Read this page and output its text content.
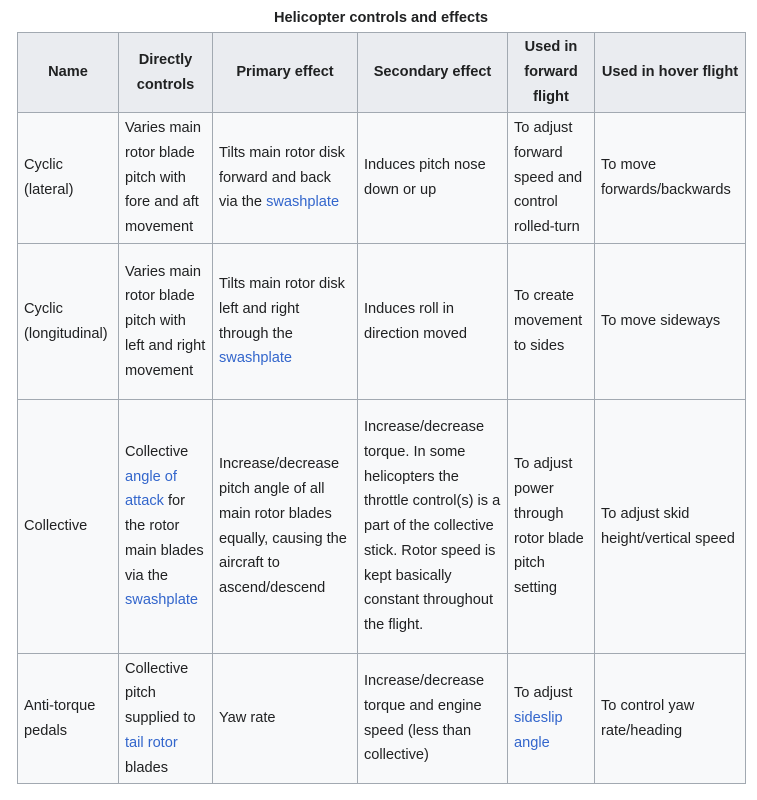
Helicopter controls and effects
Name	Directly controls	Primary effect	Secondary effect	Used in forward flight	Used in hover flight
Cyclic (lateral)	Varies main rotor blade pitch with fore and aft movement	Tilts main rotor disk forward and back via the swashplate	Induces pitch nose down or up	To adjust forward speed and control rolled-turn	To move forwards/backwards
Cyclic (longitudinal)	Varies main rotor blade pitch with left and right movement	Tilts main rotor disk left and right through the swashplate	Induces roll in direction moved	To create movement to sides	To move sideways
Collective	Collective angle of attack for the rotor main blades via the swashplate	Increase/decrease pitch angle of all main rotor blades equally, causing the aircraft to ascend/descend	Increase/decrease torque. In some helicopters the throttle control(s) is a part of the collective stick. Rotor speed is kept basically constant throughout the flight.	To adjust power through rotor blade pitch setting	To adjust skid height/vertical speed
Anti-torque pedals	Collective pitch supplied to tail rotor blades	Yaw rate	Increase/decrease torque and engine speed (less than collective)	To adjust sideslip angle	To control yaw rate/heading
